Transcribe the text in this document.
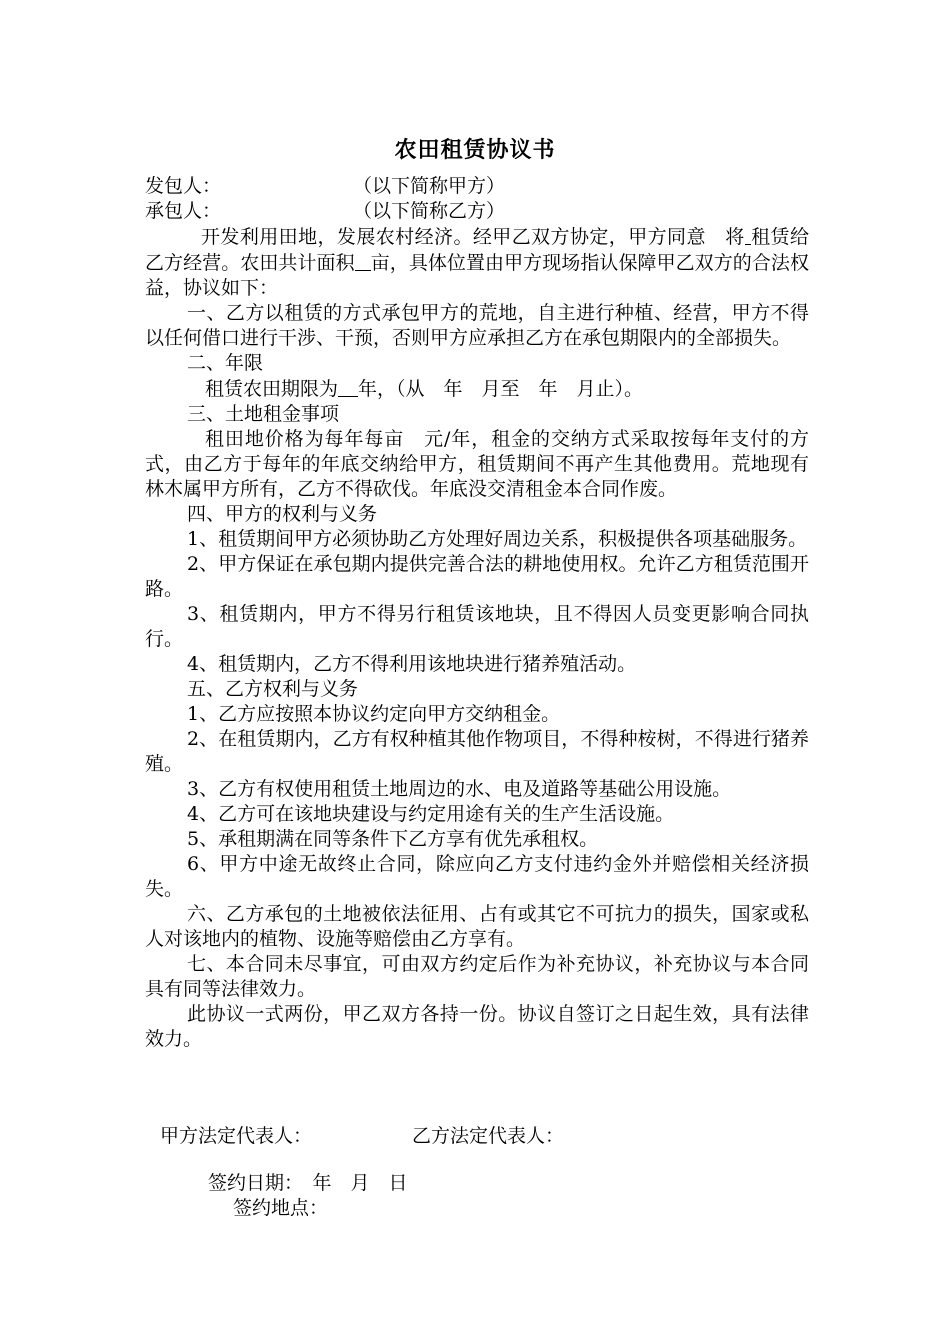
农田租赁协议书
发包人：	（以下简称甲方）
承包人：	（以下简称乙方）

开发利用田地，发展农村经济。经甲乙双方协定，甲方同意　将 租赁给乙方经营。农田共计面积 亩，具体位置由甲方现场指认保障甲乙双方的合法权益，协议如下：

一、乙方以租赁的方式承包甲方的荒地，自主进行种植、经营，甲方不得以任何借口进行干涉、干预，否则甲方应承担乙方在承包期限内的全部损失。

二、年限

租赁农田期限为 年，（从　年　月至　年　月止）。

三、土地租金事项

租田地价格为每年每亩　元/年，租金的交纳方式采取按每年支付的方式，由乙方于每年的年底交纳给甲方，租赁期间不再产生其他费用。荒地现有林木属甲方所有，乙方不得砍伐。年底没交清租金本合同作废。

四、甲方的权利与义务

1、租赁期间甲方必须协助乙方处理好周边关系，积极提供各项基础服务。

2、甲方保证在承包期内提供完善合法的耕地使用权。允许乙方租赁范围开路。

3、租赁期内，甲方不得另行租赁该地块，且不得因人员变更影响合同执行。

4、租赁期内，乙方不得利用该地块进行猪养殖活动。

五、乙方权利与义务

1、乙方应按照本协议约定向甲方交纳租金。

2、在租赁期内，乙方有权种植其他作物项目，不得种桉树，不得进行猪养殖。

3、乙方有权使用租赁土地周边的水、电及道路等基础公用设施。

4、乙方可在该地块建设与约定用途有关的生产生活设施。

5、承租期满在同等条件下乙方享有优先承租权。

6、甲方中途无故终止合同，除应向乙方支付违约金外并赔偿相关经济损失。

六、乙方承包的土地被依法征用、占有或其它不可抗力的损失，国家或私人对该地内的植物、设施等赔偿由乙方享有。

七、本合同未尽事宜，可由双方约定后作为补充协议，补充协议与本合同具有同等法律效力。

此协议一式两份，甲乙双方各持一份。协议自签订之日起生效，具有法律效力。

甲方法定代表人：	乙方法定代表人：
签约日期：　年　月　日
签约地点：
